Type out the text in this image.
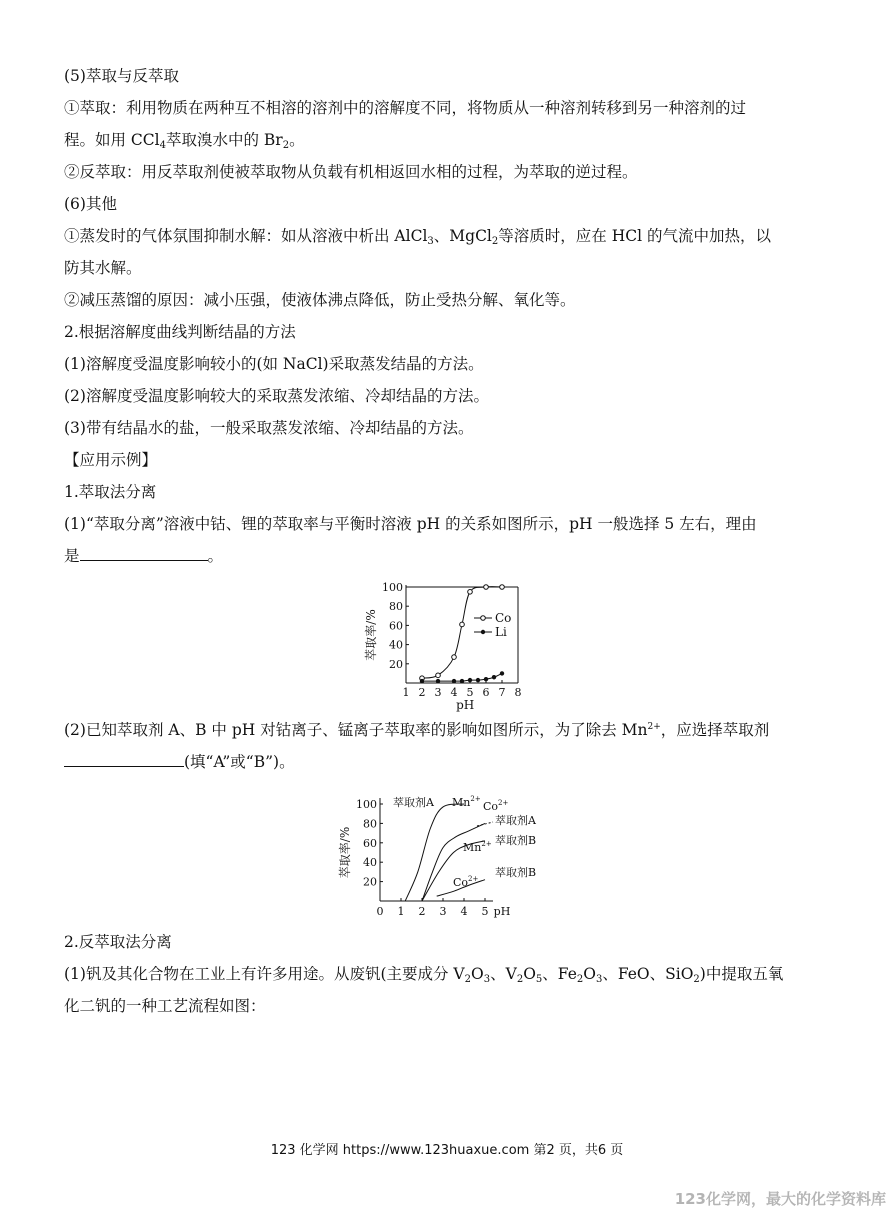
(5)萃取与反萃取
①萃取：利用物质在两种互不相溶的溶剂中的溶解度不同，将物质从一种溶剂转移到另一种溶剂的过
程。如用 CCl$_4$萃取溴水中的 $Br_2$。
②反萃取：用反萃取剂使被萃取物从负载有机相返回水相的过程，为萃取的逆过程。
(6)其他
①蒸发时的气体氛围抑制水解：如从溶液中析出 AlCl$_3$、MgCl$_2$等溶质时，应在 HCl 的气流中加热，以
防其水解。
②减压蒸馏的原因：减小压强，使液体沸点降低，防止受热分解、氧化等。
2.根据溶解度曲线判断结晶的方法
(1)溶解度受温度影响较小的(如 NaCl)采取蒸发结晶的方法。
(2)溶解度受温度影响较大的采取蒸发浓缩、冷却结晶的方法。
(3)带有结晶水的盐，一般采取蒸发浓缩、冷却结晶的方法。
【应用示例】
1.萃取法分离
(1)“萃取分离”溶液中钴、锂的萃取率与平衡时溶液 pH 的关系如图所示，pH 一般选择 5 左右，理由
是	。
100
80
60
40
20
1 2 3 4 5 6 7 8
pH
萃取率/%	Co
Li
(2)已知萃取剂 A、B 中 pH 对钴离子、锰离子萃取率的影响如图所示，为了除去 $Mn^{2+}$，应选择萃取剂
(填“A”或“B”)。
100
80
60
40
20
0 1 2 3 4 5 pH
萃取率/%
萃取剂A $Mn^{2+}$
$Co^{2+}$
萃取剂A
$Mn^{2+}$ 萃取剂B
$Co^{2+}$ 萃取剂B
2.反萃取法分离
(1)钒及其化合物在工业上有许多用途。从废钒(主要成分 $V_2O_3$、$V_2O_5$、$Fe_2O_3$、FeO、SiO$_2$)中提取五氧
化二钒的一种工艺流程如图：
123 化学网 https://www.123huaxue.com 第2 页，共6 页
123化学网，最大的化学资料库
